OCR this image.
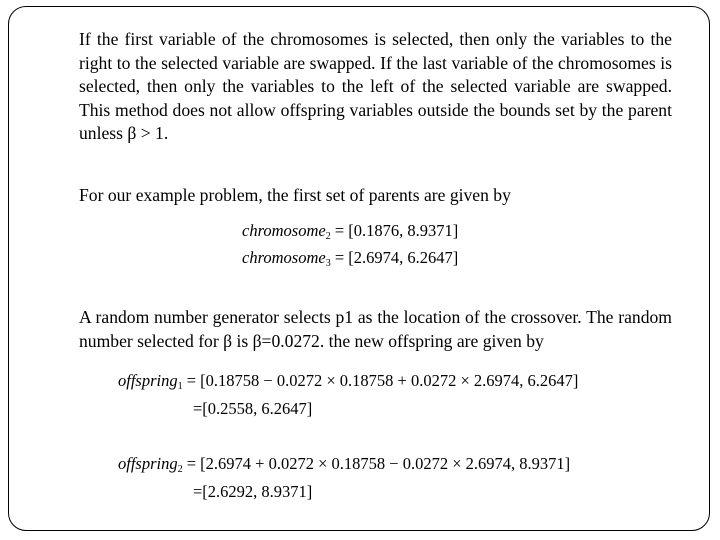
If the first variable of the chromosomes is selected, then only the variables to the right to the selected variable are swapped. If the last variable of the chromosomes is selected, then only the variables to the left of the selected variable are swapped. This method does not allow offspring variables outside the bounds set by the parent unless β > 1.

For our example problem, the first set of parents are given by

A random number generator selects p1 as the location of the crossover. The random number selected for β is β=0.0272. the new offspring are given by

chromosome$_2$ = [0.1876, 8.9371]
chromosome$_3$ = [2.6974, 6.2647]
offspring$_1$ = [0.18758 − 0.0272 × 0.18758 + 0.0272 × 2.6974, 6.2647]
=[0.2558, 6.2647]
offspring$_2$ = [2.6974 + 0.0272 × 0.18758 − 0.0272 × 2.6974, 8.9371]
=[2.6292, 8.9371]
